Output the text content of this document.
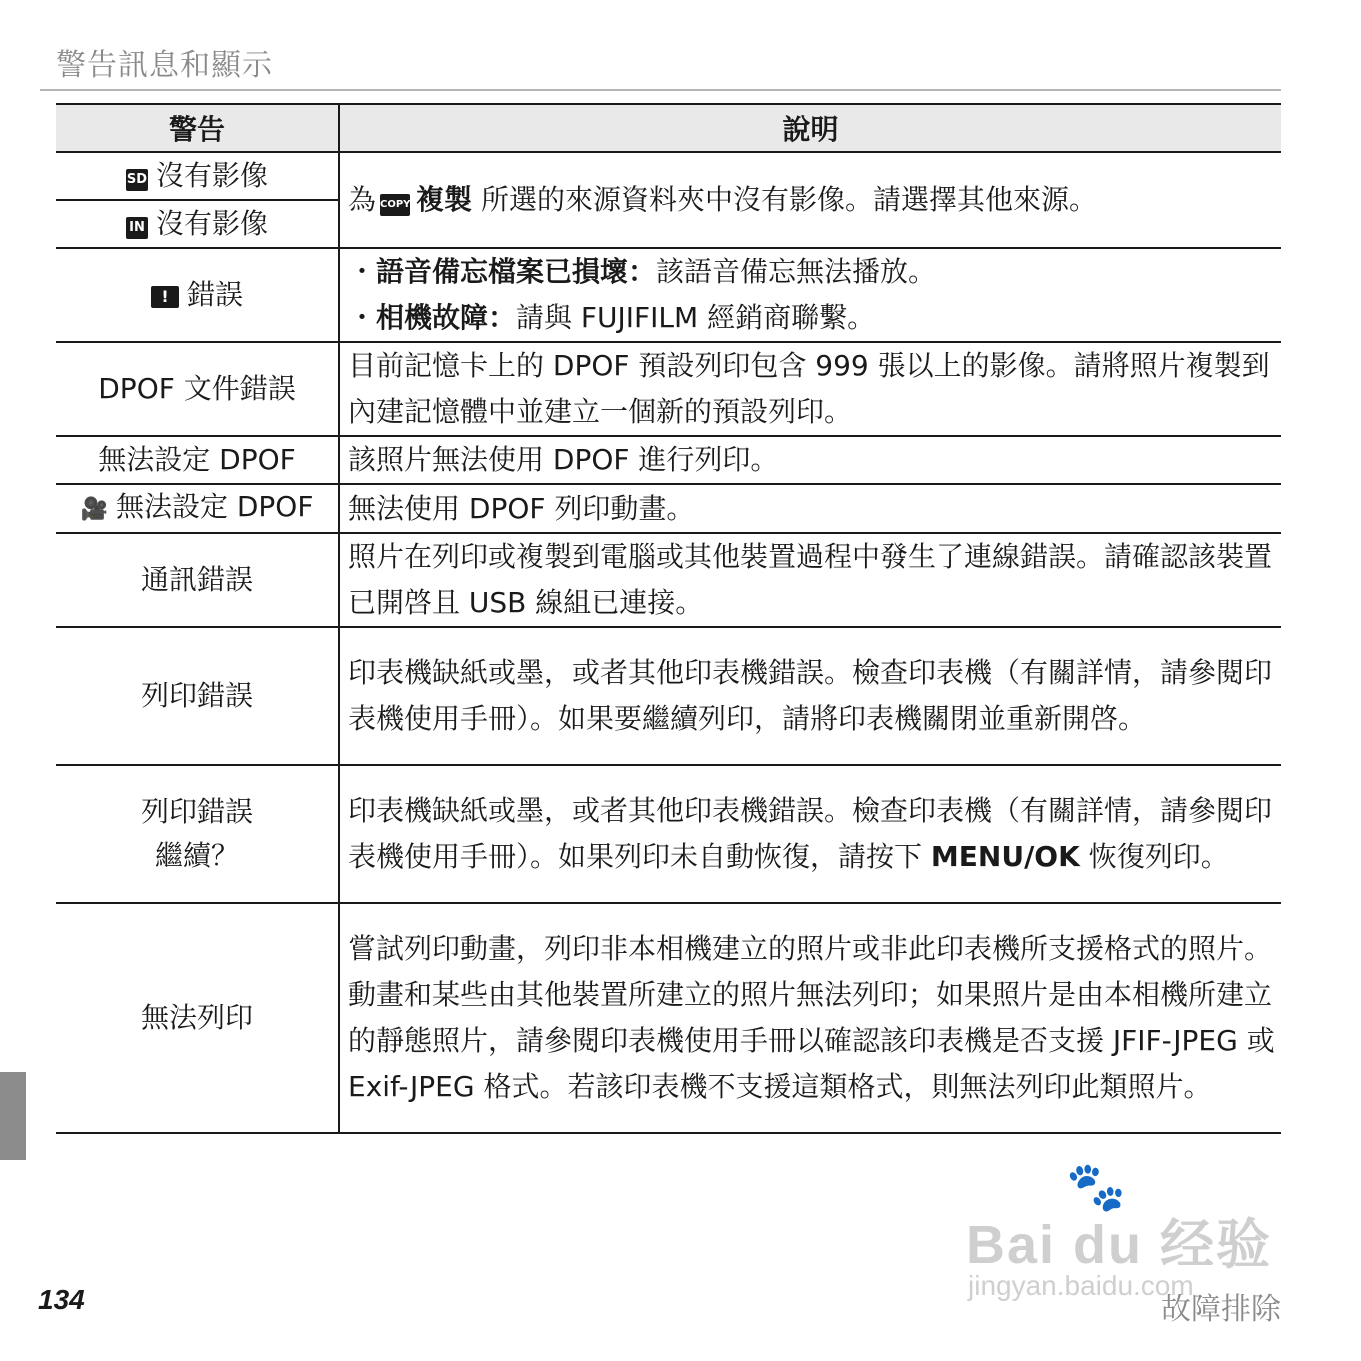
警告訊息和顯示
警告	說明

SD 沒有影像
IN 沒有影像	為 COPY 複製 所選的來源資料夾中沒有影像。請選擇其他來源。
! 錯誤	・語音備忘檔案已損壞：該語音備忘無法播放。
・相機故障：請與 FUJIFILM 經銷商聯繫。

DPOF 文件錯誤	目前記憶卡上的 DPOF 預設列印包含 999 張以上的影像。請將照片複製到內建記憶體中並建立一個新的預設列印。
無法設定 DPOF	該照片無法使用 DPOF 進行列印。
🎥 無法設定 DPOF	無法使用 DPOF 列印動畫。
通訊錯誤	照片在列印或複製到電腦或其他裝置過程中發生了連線錯誤。請確認該裝置已開啓且 USB 線組已連接。
列印錯誤	印表機缺紙或墨，或者其他印表機錯誤。檢查印表機（有關詳情，請參閱印表機使用手冊）。如果要繼續列印，請將印表機關閉並重新開啓。

列印錯誤
繼續？	印表機缺紙或墨，或者其他印表機錯誤。檢查印表機（有關詳情，請參閱印表機使用手冊）。如果列印未自動恢復，請按下 MENU/OK 恢復列印。
無法列印	嘗試列印動畫，列印非本相機建立的照片或非此印表機所支援格式的照片。動畫和某些由其他裝置所建立的照片無法列印；如果照片是由本相機所建立的靜態照片，請參閱印表機使用手冊以確認該印表機是否支援 JFIF-JPEG 或 Exif-JPEG 格式。若該印表機不支援這類格式，則無法列印此類照片。
🐾
Bai du 经验
jingyan.baidu.com
134	故障排除
